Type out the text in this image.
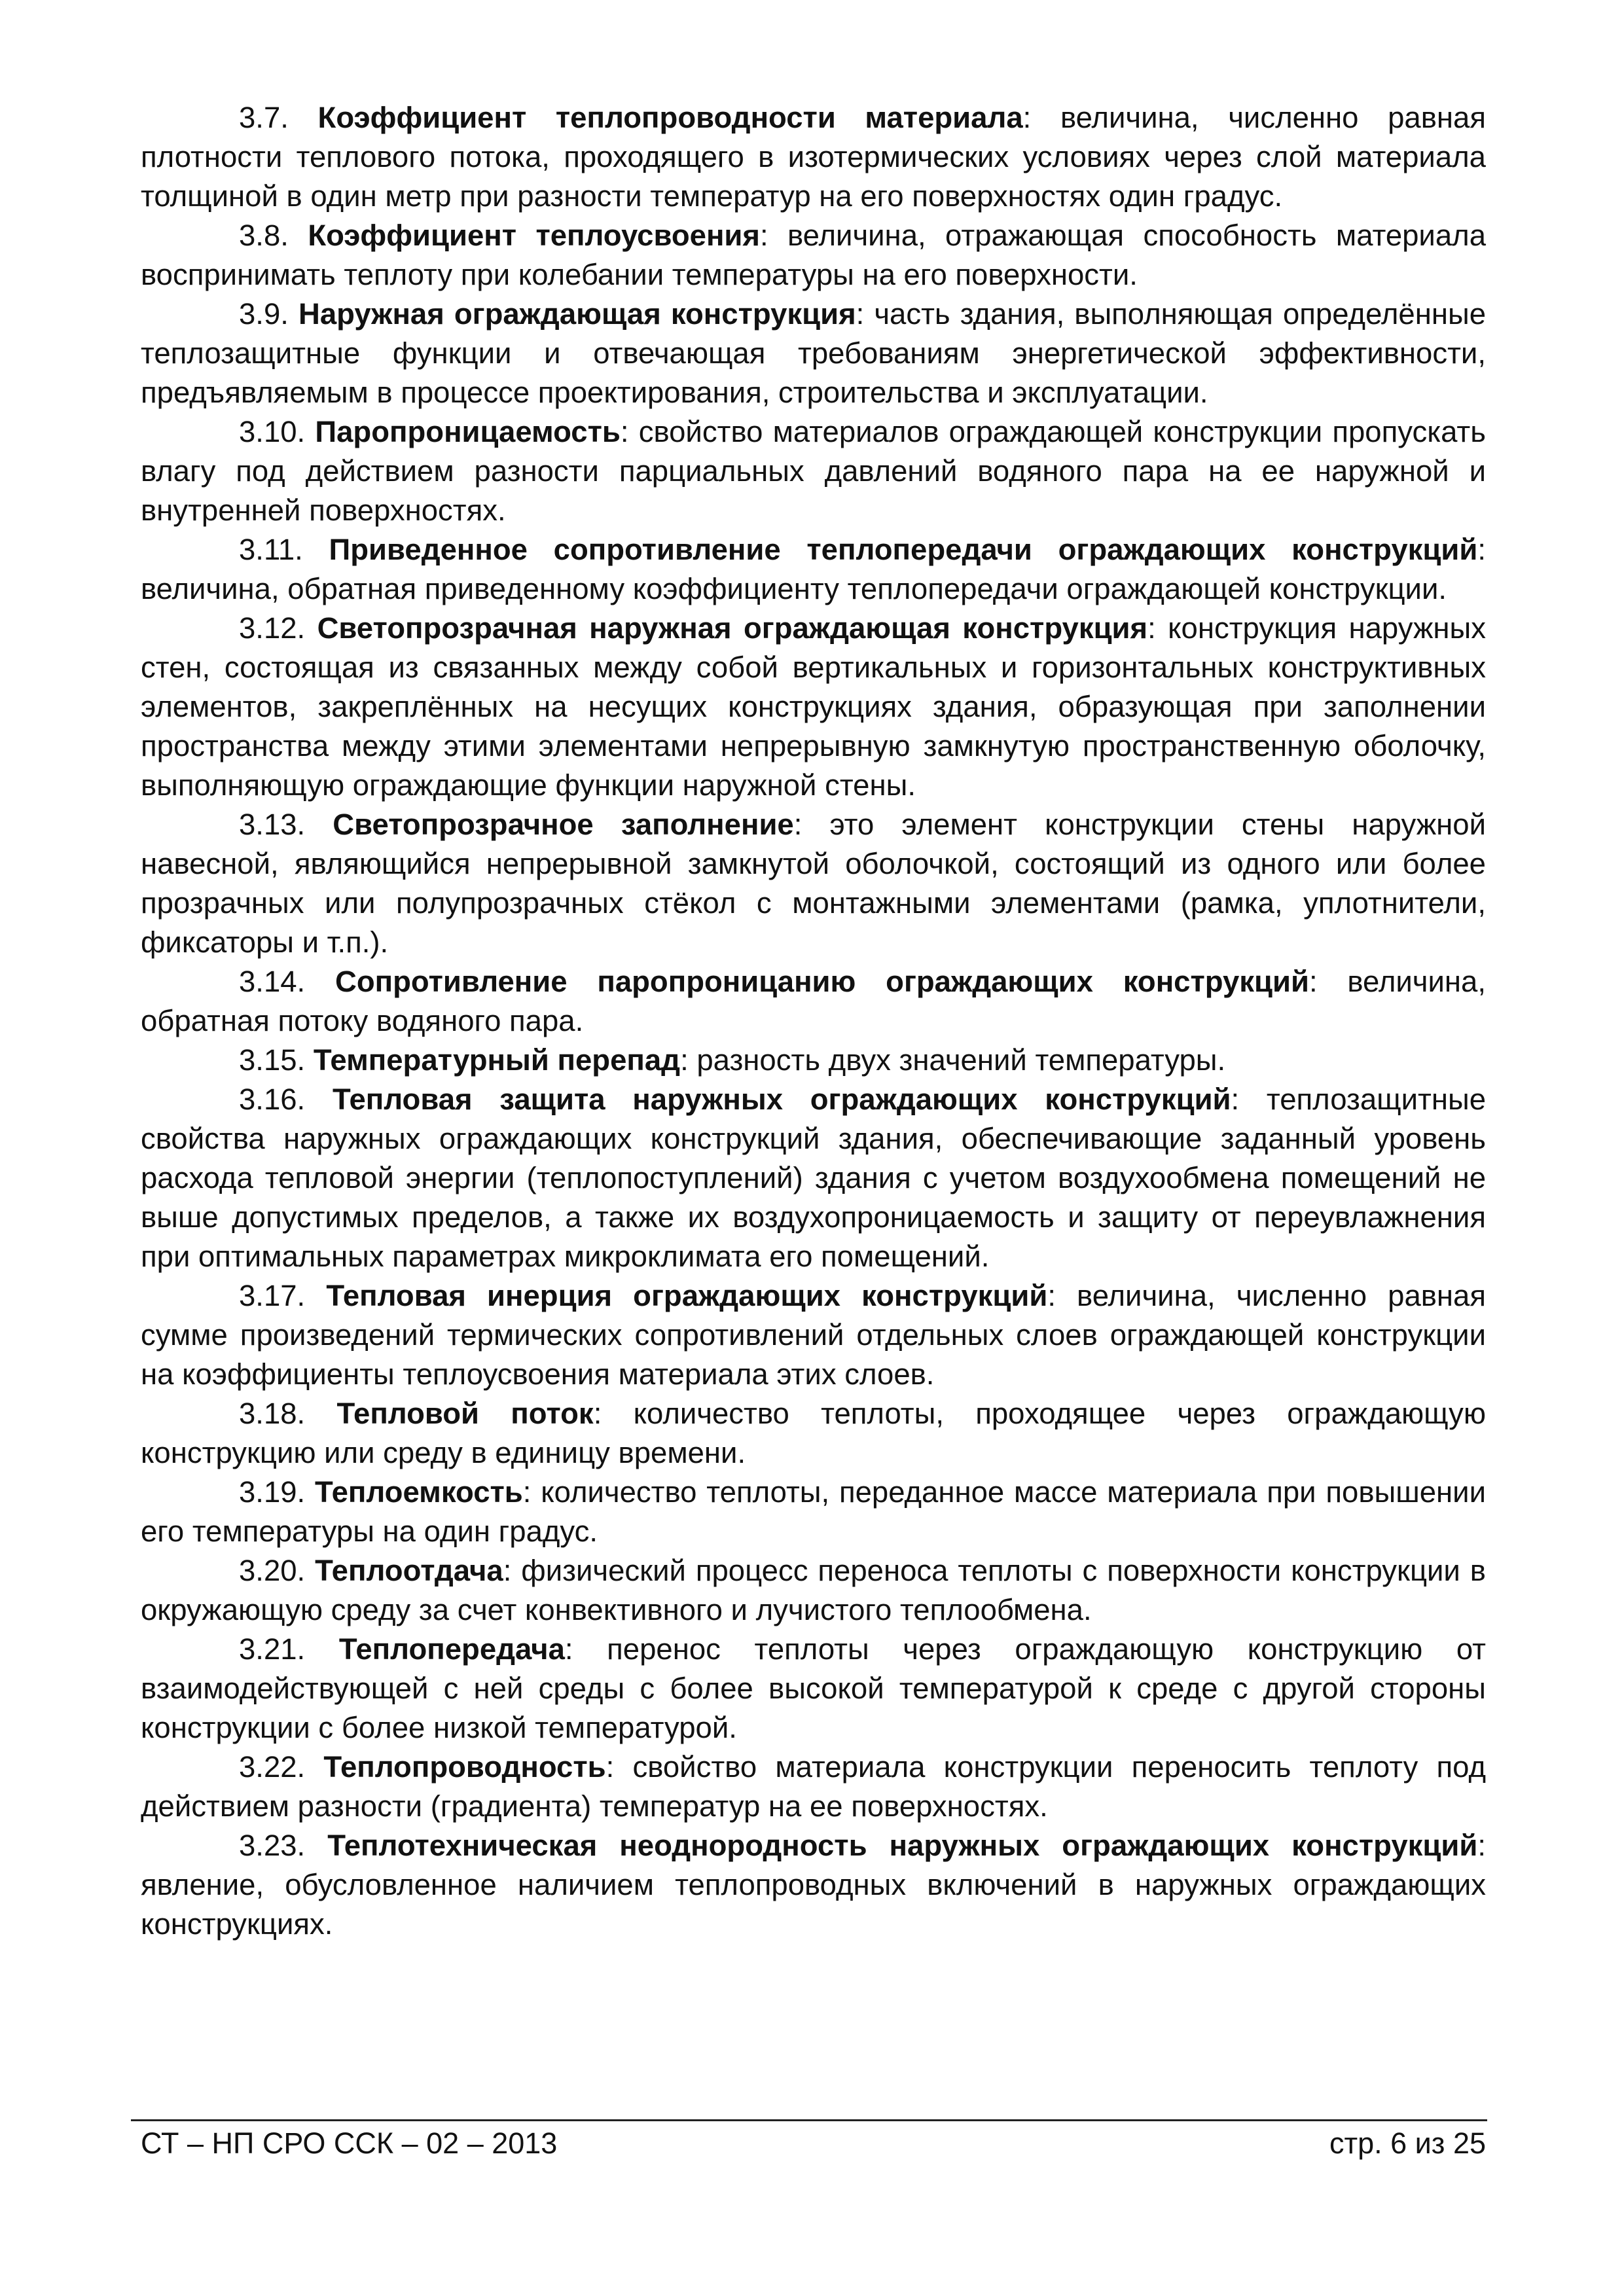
3.7. Коэффициент теплопроводности материала: величина, численно равная плотности теплового потока, проходящего в изотермических условиях через слой материала толщиной в один метр при разности температур на его поверхностях один градус.

3.8. Коэффициент теплоусвоения: величина, отражающая способность материала воспринимать теплоту при колебании температуры на его поверхности.

3.9. Наружная ограждающая конструкция: часть здания, выполняющая определённые теплозащитные функции и отвечающая требованиям энергетической эффективности, предъявляемым в процессе проектирования, строительства и эксплуатации.

3.10. Паропроницаемость: свойство материалов ограждающей конструкции пропускать влагу под действием разности парциальных давлений водяного пара на ее наружной и внутренней поверхностях.

3.11. Приведенное сопротивление теплопередачи ограждающих конструкций: величина, обратная приведенному коэффициенту теплопередачи ограждающей конструкции.

3.12. Светопрозрачная наружная ограждающая конструкция: конструкция наружных стен, состоящая из связанных между собой вертикальных и горизонтальных конструктивных элементов, закреплённых на несущих конструкциях здания, образующая при заполнении пространства между этими элементами непрерывную замкнутую пространственную оболочку, выполняющую ограждающие функции наружной стены.

3.13. Светопрозрачное заполнение: это элемент конструкции стены наружной навесной, являющийся непрерывной замкнутой оболочкой, состоящий из одного или более прозрачных или полупрозрачных стёкол с монтажными элементами (рамка, уплотнители, фиксаторы и т.п.).

3.14. Сопротивление паропроницанию ограждающих конструкций: величина, обратная потоку водяного пара.

3.15. Температурный перепад: разность двух значений температуры.

3.16. Тепловая защита наружных ограждающих конструкций: теплозащитные свойства наружных ограждающих конструкций здания, обеспечивающие заданный уровень расхода тепловой энергии (теплопоступлений) здания с учетом воздухообмена помещений не выше допустимых пределов, а также их воздухопроницаемость и защиту от переувлажнения при оптимальных параметрах микроклимата его помещений.

3.17. Тепловая инерция ограждающих конструкций: величина, численно равная сумме произведений термических сопротивлений отдельных слоев ограждающей конструкции на коэффициенты теплоусвоения материала этих слоев.

3.18. Тепловой поток: количество теплоты, проходящее через ограждающую конструкцию или среду в единицу времени.

3.19. Теплоемкость: количество теплоты, переданное массе материала при повышении его температуры на один градус.

3.20. Теплоотдача: физический процесс переноса теплоты с поверхности конструкции в окружающую среду за счет конвективного и лучистого теплообмена.

3.21. Теплопередача: перенос теплоты через ограждающую конструкцию от взаимодействующей с ней среды с более высокой температурой к среде с другой стороны конструкции с более низкой температурой.

3.22. Теплопроводность: свойство материала конструкции переносить теплоту под действием разности (градиента) температур на ее поверхностях.

3.23. Теплотехническая неоднородность наружных ограждающих конструкций: явление, обусловленное наличием теплопроводных включений в наружных ограждающих конструкциях.

СТ – НП СРО ССК – 02 – 2013	стр. 6 из 25
